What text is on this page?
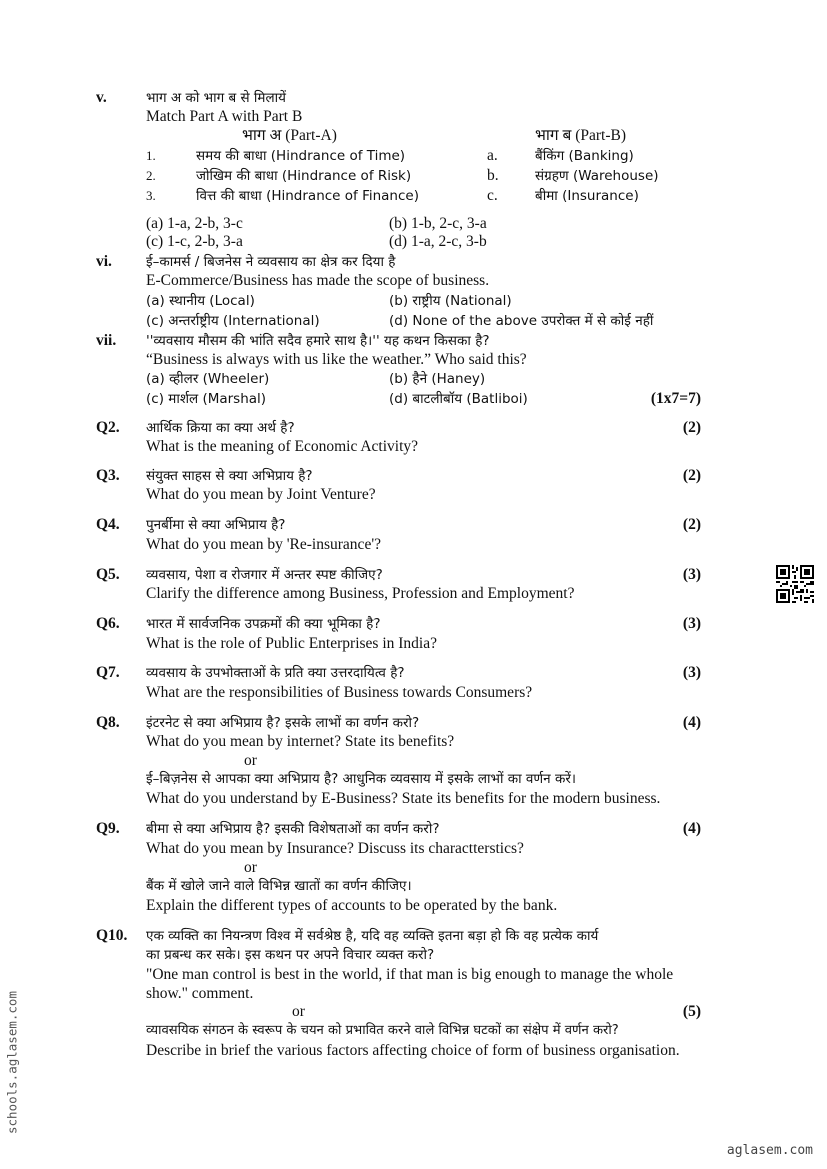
v.	भाग अ को भाग ब से मिलायें
Match Part A with Part B
भाग अ (Part-A)	भाग ब (Part-B)
1.	समय की बाधा (Hindrance of Time)	a.	बैंकिंग (Banking)
2.	जोखिम की बाधा (Hindrance of Risk)	b.	संग्रहण (Warehouse)
3.	वित्त की बाधा (Hindrance of Finance)	c.	बीमा (Insurance)
(a) 1-a, 2-b, 3-c	(b) 1-b, 2-c, 3-a
(c) 1-c, 2-b, 3-a	(d) 1-a, 2-c, 3-b
vi.	ई–कामर्स / बिजनेस ने व्यवसाय का क्षेत्र कर दिया है
E-Commerce/Business has made the scope of business.
(a) स्थानीय (Local)	(b) राष्ट्रीय (National)
(c) अन्तर्राष्ट्रीय (International)	(d) None of the above उपरोक्त में से कोई नहीं
vii. ''व्यवसाय मौसम की भांति सदैव हमारे साथ है।'' यह कथन किसका है?
“Business is always with us like the weather.” Who said this?
(a) व्हीलर (Wheeler)	(b) हैने (Haney)
(c) मार्शल (Marshal)	(d) बाटलीबॉय (Batliboi)	(1x7=7)
Q2. आर्थिक क्रिया का क्या अर्थ है?
What is the meaning of Economic Activity?
(2)
Q3. संयुक्त साहस से क्या अभिप्राय है?
What do you mean by Joint Venture?
(2)
Q4. पुनर्बीमा से क्या अभिप्राय है?
What do you mean by 'Re-insurance'?
(2)
Q5. व्यवसाय, पेशा व रोजगार में अन्तर स्पष्ट कीजिए?
Clarify the difference among Business, Profession and Employment?
(3)
Q6. भारत में सार्वजनिक उपक्रमों की क्या भूमिका है?
What is the role of Public Enterprises in India?
(3)
Q7. व्यवसाय के उपभोक्ताओं के प्रति क्या उत्तरदायित्व है?
What are the responsibilities of Business towards Consumers?
(3)
Q8. इंटरनेट से क्या अभिप्राय है? इसके लाभों का वर्णन करो?	(4)
What do you mean by internet? State its benefits?
or
ई–बिज़नेस से आपका क्या अभिप्राय है? आधुनिक व्यवसाय में इसके लाभों का वर्णन करें।
What do you understand by E-Business? State its benefits for the modern business.
Q9. बीमा से क्या अभिप्राय है? इसकी विशेषताओं का वर्णन करो?	(4)
What do you mean by Insurance? Discuss its charactterstics?
or
बैंक में खोले जाने वाले विभिन्न खातों का वर्णन कीजिए।
Explain the different types of accounts to be operated by the bank.
Q10. एक व्यक्ति का नियन्त्रण विश्व में सर्वश्रेष्ठ है, यदि वह व्यक्ति इतना बड़ा हो कि वह प्रत्येक कार्य
का प्रबन्ध कर सके। इस कथन पर अपने विचार व्यक्त करो?
"One man control is best in the world, if that man is big enough to manage the whole
show." comment.
or	(5)
व्यावसयिक संगठन के स्वरूप के चयन को प्रभावित करने वाले विभिन्न घटकों का संक्षेप में वर्णन करो?
Describe in brief the various factors affecting choice of form of business organisation.
schools.aglasem.com
aglasem.com
